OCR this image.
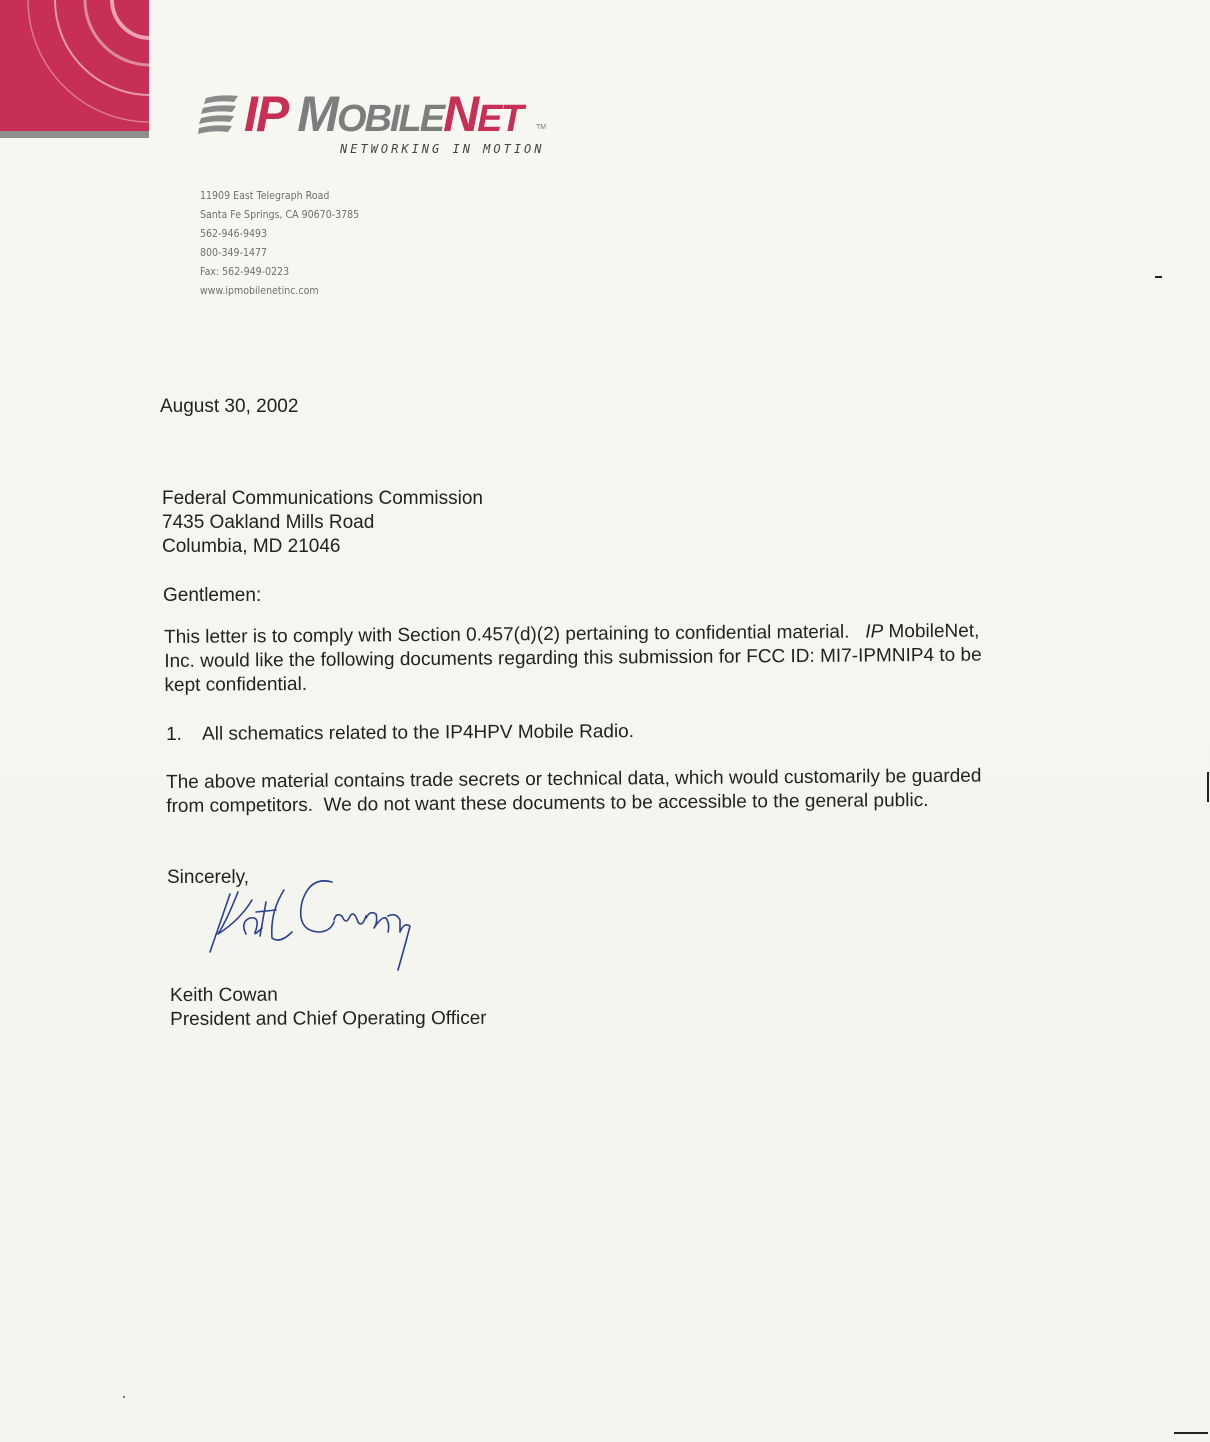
IP MOBILENET TM
NETWORKING IN MOTION
11909 East Telegraph Road
Santa Fe Springs, CA 90670-3785
562-946-9493
800-349-1477
Fax: 562-949-0223
www.ipmobilenetinc.com
August 30, 2002
Federal Communications Commission
7435 Oakland Mills Road
Columbia, MD 21046
Gentlemen:
This letter is to comply with Section 0.457(d)(2) pertaining to confidential material.   IP MobileNet,
Inc. would like the following documents regarding this submission for FCC ID: MI7-IPMNIP4 to be
kept confidential.
1. All schematics related to the IP4HPV Mobile Radio.
The above material contains trade secrets or technical data, which would customarily be guarded
from competitors.  We do not want these documents to be accessible to the general public.
Sincerely,
Keith Cowan
President and Chief Operating Officer
